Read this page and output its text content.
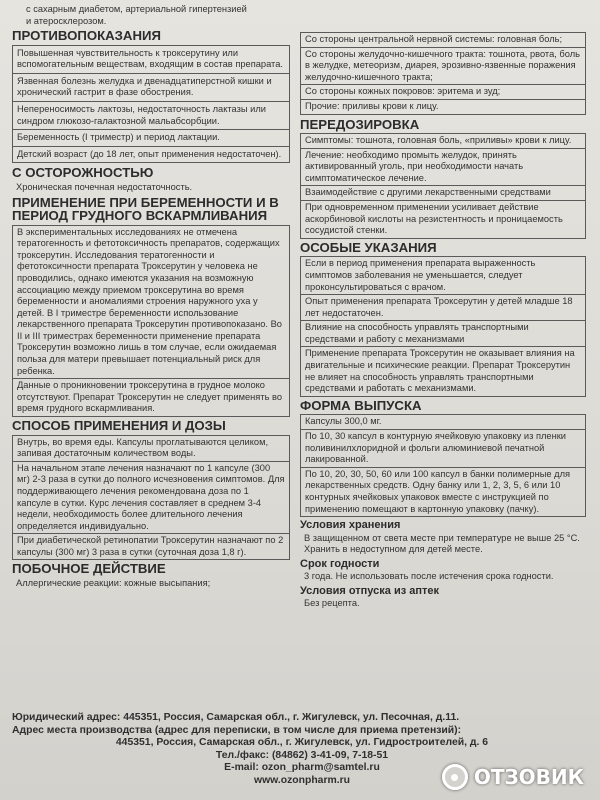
с сахарным диабетом, артериальной гипертензией

и атеросклерозом.

ПРОТИВОПОКАЗАНИЯ
Повышенная чувствительность к троксерутину или вспомогательным веществам, входящим в состав препарата.
Язвенная болезнь желудка и двенадцатиперстной кишки и хронический гастрит в фазе обострения.
Непереносимость лактозы, недостаточность лактазы или синдром глюкозо-галактозной мальабсорбции.
Беременность (I триместр) и период лактации.
Детский возраст (до 18 лет, опыт применения недостаточен).
С ОСТОРОЖНОСТЬЮ

Хроническая почечная недостаточность.

ПРИМЕНЕНИЕ ПРИ БЕРЕМЕННОСТИ И В ПЕРИОД ГРУДНОГО ВСКАРМЛИВАНИЯ

В экспериментальных исследованиях не отмечена тератогенность и фетотоксичность препаратов, содержащих троксерутин. Исследования тератогенности и фетотоксичности препарата Троксерутин у человека не проводились, однако имеются указания на возможную ассоциацию между приемом троксерутина во время беременности и аномалиями строения наружного уха у детей. В I триместре беременности использование лекарственного препарата Троксерутин противопоказано. Во II и III триместрах беременности применение препарата Троксерутин возможно лишь в том случае, если ожидаемая польза для матери превышает потенциальный риск для ребенка.

Данные о проникновении троксерутина в грудное молоко отсутствуют. Препарат Троксерутин не следует применять во время грудного вскармливания.

СПОСОБ ПРИМЕНЕНИЯ И ДОЗЫ

Внутрь, во время еды. Капсулы проглатываются целиком, запивая достаточным количеством воды.

На начальном этапе лечения назначают по 1 капсуле (300 мг) 2-3 раза в сутки до полного исчезновения симптомов. Для поддерживающего лечения рекомендована доза по 1 капсуле в сутки. Курс лечения составляет в среднем 3-4 недели, необходимость более длительного лечения определяется индивидуально.

При диабетической ретинопатии Троксерутин назначают по 2 капсулы (300 мг) 3 раза в сутки (суточная доза 1,8 г).

ПОБОЧНОЕ ДЕЙСТВИЕ

Аллергические реакции: кожные высыпания;

Со стороны центральной нервной системы: головная боль;

Со стороны желудочно-кишечного тракта: тошнота, рвота, боль в желудке, метеоризм, диарея, эрозивно-язвенные поражения желудочно-кишечного тракта;

Со стороны кожных покровов: эритема и зуд;

Прочие: приливы крови к лицу.

ПЕРЕДОЗИРОВКА

Симптомы: тошнота, головная боль, «приливы» крови к лицу.

Лечение: необходимо промыть желудок, принять активированный уголь, при необходимости начать симптоматическое лечение.

Взаимодействие с другими лекарственными средствами

При одновременном применении усиливает действие аскорбиновой кислоты на резистентность и проницаемость сосудистой стенки.

ОСОБЫЕ УКАЗАНИЯ

Если в период применения препарата выраженность симптомов заболевания не уменьшается, следует проконсультироваться с врачом.

Опыт применения препарата Троксерутин у детей младше 18 лет недостаточен.

Влияние на способность управлять транспортными средствами и работу с механизмами

Применение препарата Троксерутин не оказывает влияния на двигательные и психические реакции. Препарат Троксерутин не влияет на способность управлять транспортными средствами и работать с механизмами.

ФОРМА ВЫПУСКА

Капсулы 300,0 мг.

По 10, 30 капсул в контурную ячейковую упаковку из пленки поливинилхлоридной и фольги алюминиевой печатной лакированной.

По 10, 20, 30, 50, 60 или 100 капсул в банки полимерные для лекарственных средств. Одну банку или 1, 2, 3, 5, 6 или 10 контурных ячейковых упаковок вместе с инструкцией по применению помещают в картонную упаковку (пачку).

Условия хранения

В защищенном от света месте при температуре не выше 25 °С. Хранить в недоступном для детей месте.

Срок годности

3 года. Не использовать после истечения срока годности.

Условия отпуска из аптек

Без рецепта.

Юридический адрес: 445351, Россия, Самарская обл., г. Жигулевск, ул. Песочная, д.11.
Адрес места производства (адрес для переписки, в том числе для приема претензий):
445351, Россия, Самарская обл., г. Жигулевск, ул. Гидростроителей, д. 6
Тел./факс: (84862) 3-41-09, 7-18-51
E-mail: ozon_pharm@samtel.ru
www.ozonpharm.ru	ОТЗОВИК
